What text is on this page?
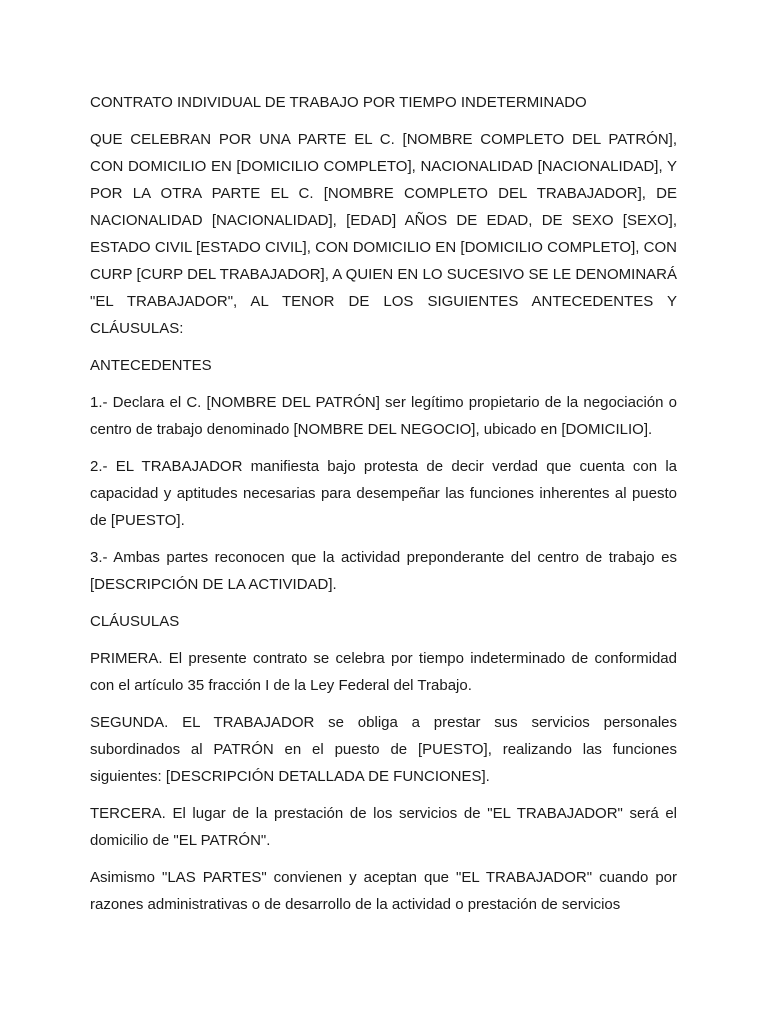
CONTRATO INDIVIDUAL DE TRABAJO POR TIEMPO INDETERMINADO

QUE CELEBRAN POR UNA PARTE EL C. [NOMBRE COMPLETO DEL PATRÓN], CON DOMICILIO EN [DOMICILIO COMPLETO], NACIONALIDAD [NACIONALIDAD], Y POR LA OTRA PARTE EL C. [NOMBRE COMPLETO DEL TRABAJADOR], DE NACIONALIDAD [NACIONALIDAD], [EDAD] AÑOS DE EDAD, DE SEXO [SEXO], ESTADO CIVIL [ESTADO CIVIL], CON DOMICILIO EN [DOMICILIO COMPLETO], CON CURP [CURP DEL TRABAJADOR], A QUIEN EN LO SUCESIVO SE LE DENOMINARÁ "EL TRABAJADOR", AL TENOR DE LOS SIGUIENTES ANTECEDENTES Y CLÁUSULAS:

ANTECEDENTES

1.- Declara el C. [NOMBRE DEL PATRÓN] ser legítimo propietario de la negociación o centro de trabajo denominado [NOMBRE DEL NEGOCIO], ubicado en [DOMICILIO].

2.- EL TRABAJADOR manifiesta bajo protesta de decir verdad que cuenta con la capacidad y aptitudes necesarias para desempeñar las funciones inherentes al puesto de [PUESTO].

3.- Ambas partes reconocen que la actividad preponderante del centro de trabajo es [DESCRIPCIÓN DE LA ACTIVIDAD].

CLÁUSULAS

PRIMERA. El presente contrato se celebra por tiempo indeterminado de conformidad con el artículo 35 fracción I de la Ley Federal del Trabajo.

SEGUNDA. EL TRABAJADOR se obliga a prestar sus servicios personales subordinados al PATRÓN en el puesto de [PUESTO], realizando las funciones siguientes: [DESCRIPCIÓN DETALLADA DE FUNCIONES].

TERCERA. El lugar de la prestación de los servicios de "EL TRABAJADOR" será el domicilio de "EL PATRÓN".

Asimismo "LAS PARTES" convienen y aceptan que "EL TRABAJADOR" cuando por razones administrativas o de desarrollo de la actividad o prestación de servicios
